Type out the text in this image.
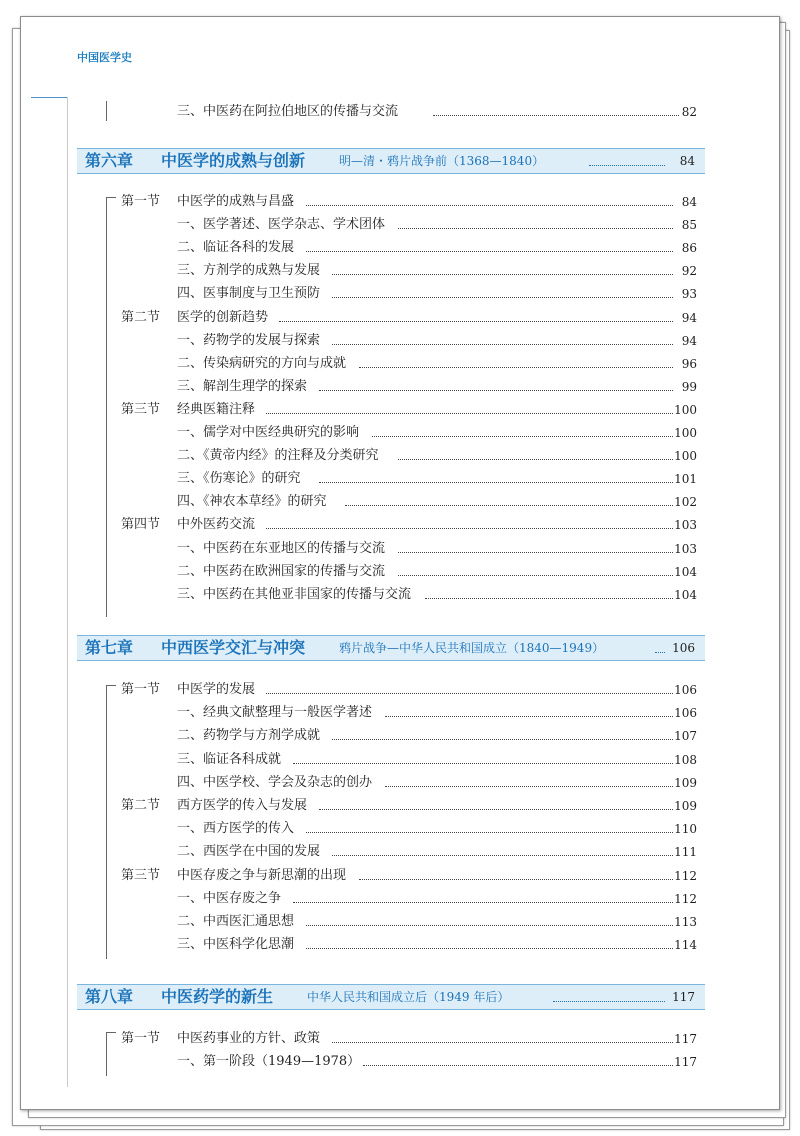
中国医学史
三、中医药在阿拉伯地区的传播与交流	82
第六章 中医学的成熟与创新	明—清・鸦片战争前（1368—1840）	84
第一节 中医学的成熟与昌盛	84
一、医学著述、医学杂志、学术团体	85
二、临证各科的发展	86
三、方剂学的成熟与发展	92
四、医事制度与卫生预防	93
第二节 医学的创新趋势	94
一、药物学的发展与探索	94
二、传染病研究的方向与成就	96
三、解剖生理学的探索	99
第三节 经典医籍注释	100
一、儒学对中医经典研究的影响	100
二、《黄帝内经》的注释及分类研究	100
三、《伤寒论》的研究	101
四、《神农本草经》的研究	102
第四节 中外医药交流	103
一、中医药在东亚地区的传播与交流	103
二、中医药在欧洲国家的传播与交流	104
三、中医药在其他亚非国家的传播与交流	104
第七章 中西医学交汇与冲突	鸦片战争—中华人民共和国成立（1840—1949）	106
第一节 中医学的发展	106
一、经典文献整理与一般医学著述	106
二、药物学与方剂学成就	107
三、临证各科成就	108
四、中医学校、学会及杂志的创办	109
第二节 西方医学的传入与发展	109
一、西方医学的传入	110
二、西医学在中国的发展	111
第三节 中医存废之争与新思潮的出现	112
一、中医存废之争	112
二、中西医汇通思想	113
三、中医科学化思潮	114
第八章 中医药学的新生	中华人民共和国成立后（1949 年后）	117
第一节 中医药事业的方针、政策	117
一、第一阶段（1949—1978）	117
